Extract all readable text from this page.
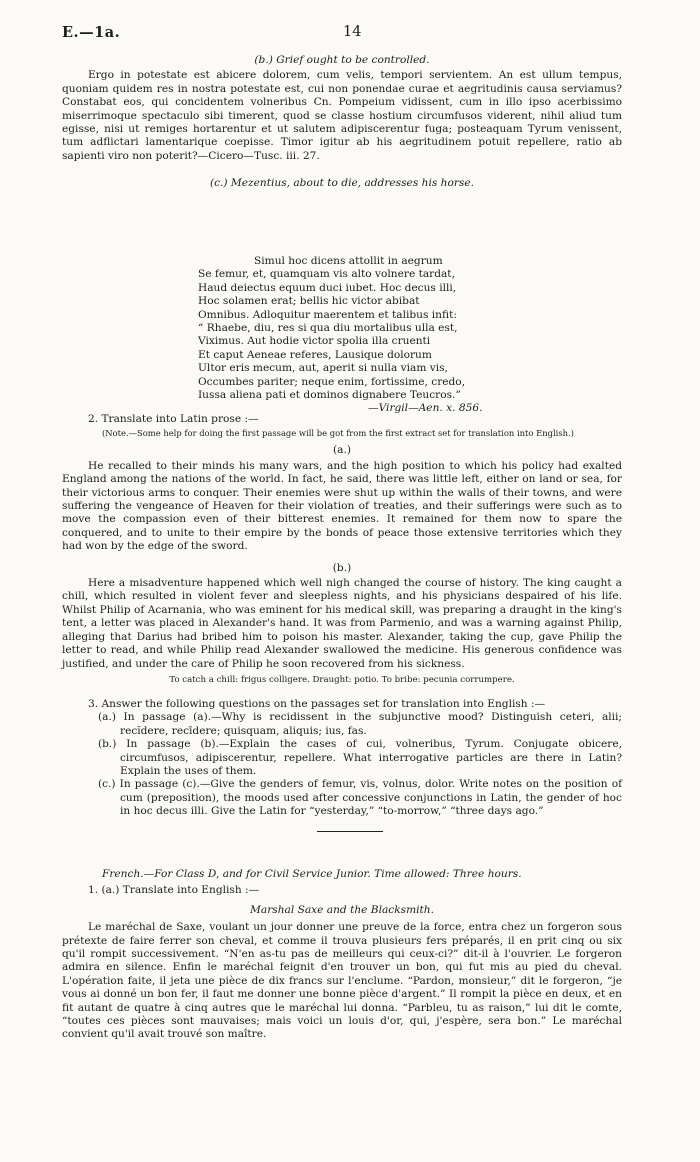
E.—1a.	14
(b.) Grief ought to be controlled.

Ergo in potestate est abicere dolorem, cum velis, tempori servientem. An est ullum tempus, quoniam quidem res in nostra potestate est, cui non ponendae curae et aegritudinis causa serviamus? Constabat eos, qui concidentem volneribus Cn. Pompeium vidissent, cum in illo ipso acerbissimo miserrimoque spectaculo sibi timerent, quod se classe hostium circumfusos viderent, nihil aliud tum egisse, nisi ut remiges hortarentur et ut salutem adipiscerentur fuga; posteaquam Tyrum venissent, tum adflictari lamentarique coepisse. Timor igitur ab his aegritudinem potuit repellere, ratio ab sapienti viro non poterit?—Cicero—Tusc. iii. 27.

(c.) Mezentius, about to die, addresses his horse.
Simul hoc dicens attollit in aegrum
Se femur, et, quamquam vis alto volnere tardat,
Haud deiectus equum duci iubet. Hoc decus illi,
Hoc solamen erat; bellis hic victor abibat
Omnibus. Adloquitur maerentem et talibus infit:
“ Rhaebe, diu, res si qua diu mortalibus ulla est,
Viximus. Aut hodie victor spolia illa cruenti
Et caput Aeneae referes, Lausique dolorum
Ultor eris mecum, aut, aperit si nulla viam vis,
Occumbes pariter; neque enim, fortissime, credo,
Iussa aliena pati et dominos dignabere Teucros.”
—Virgil—Aen. x. 856.
2. Translate into Latin prose :—
(Note.—Some help for doing the first passage will be got from the first extract set for translation into English.)
(a.)

He recalled to their minds his many wars, and the high position to which his policy had exalted England among the nations of the world. In fact, he said, there was little left, either on land or sea, for their victorious arms to conquer. Their enemies were shut up within the walls of their towns, and were suffering the vengeance of Heaven for their violation of treaties, and their sufferings were such as to move the compassion even of their bitterest enemies. It remained for them now to spare the conquered, and to unite to their empire by the bonds of peace those extensive territories which they had won by the edge of the sword.

(b.)

Here a misadventure happened which well nigh changed the course of history. The king caught a chill, which resulted in violent fever and sleepless nights, and his physicians despaired of his life. Whilst Philip of Acarnania, who was eminent for his medical skill, was preparing a draught in the king's tent, a letter was placed in Alexander's hand. It was from Parmenio, and was a warning against Philip, alleging that Darius had bribed him to poison his master. Alexander, taking the cup, gave Philip the letter to read, and while Philip read Alexander swallowed the medicine. His generous confidence was justified, and under the care of Philip he soon recovered from his sickness.

To catch a chill: frigus colligere. Draught: potio. To bribe: pecunia corrumpere.
3. Answer the following questions on the passages set for translation into English :—

(a.) In passage (a).—Why is recidissent in the subjunctive mood? Distinguish ceteri, alii; recĭdere, recīdere; quisquam, aliquis; ius, fas.

(b.) In passage (b).—Explain the cases of cui, volneribus, Tyrum. Conjugate obicere, circumfusos, adipiscerentur, repellere. What interrogative particles are there in Latin? Explain the uses of them.

(c.) In passage (c).—Give the genders of femur, vis, volnus, dolor. Write notes on the position of cum (preposition), the moods used after concessive conjunctions in Latin, the gender of hoc in hoc decus illi. Give the Latin for “yesterday,” “to-morrow,” “three days ago.”

French.—For Class D, and for Civil Service Junior. Time allowed: Three hours.
1. (a.) Translate into English :—
Marshal Saxe and the Blacksmith.

Le maréchal de Saxe, voulant un jour donner une preuve de la force, entra chez un forgeron sous prétexte de faire ferrer son cheval, et comme il trouva plusieurs fers préparés, il en prit cinq ou six qu'il rompit successivement. “N'en as-tu pas de meilleurs qui ceux-ci?” dit-il à l'ouvrier. Le forgeron admira en silence. Enfin le maréchal feignit d'en trouver un bon, qui fut mis au pied du cheval. L'opération faite, il jeta une pièce de dix francs sur l'enclume. “Pardon, monsieur,” dit le forgeron, “je vous ai donné un bon fer, il faut me donner une bonne pièce d'argent.” Il rompit la pièce en deux, et en fit autant de quatre à cinq autres que le maréchal lui donna. “Parbleu, tu as raison,” lui dit le comte, “toutes ces pièces sont mauvaises; mais voici un louis d'or, qui, j'espère, sera bon.” Le maréchal convient qu'il avait trouvé son maître.
